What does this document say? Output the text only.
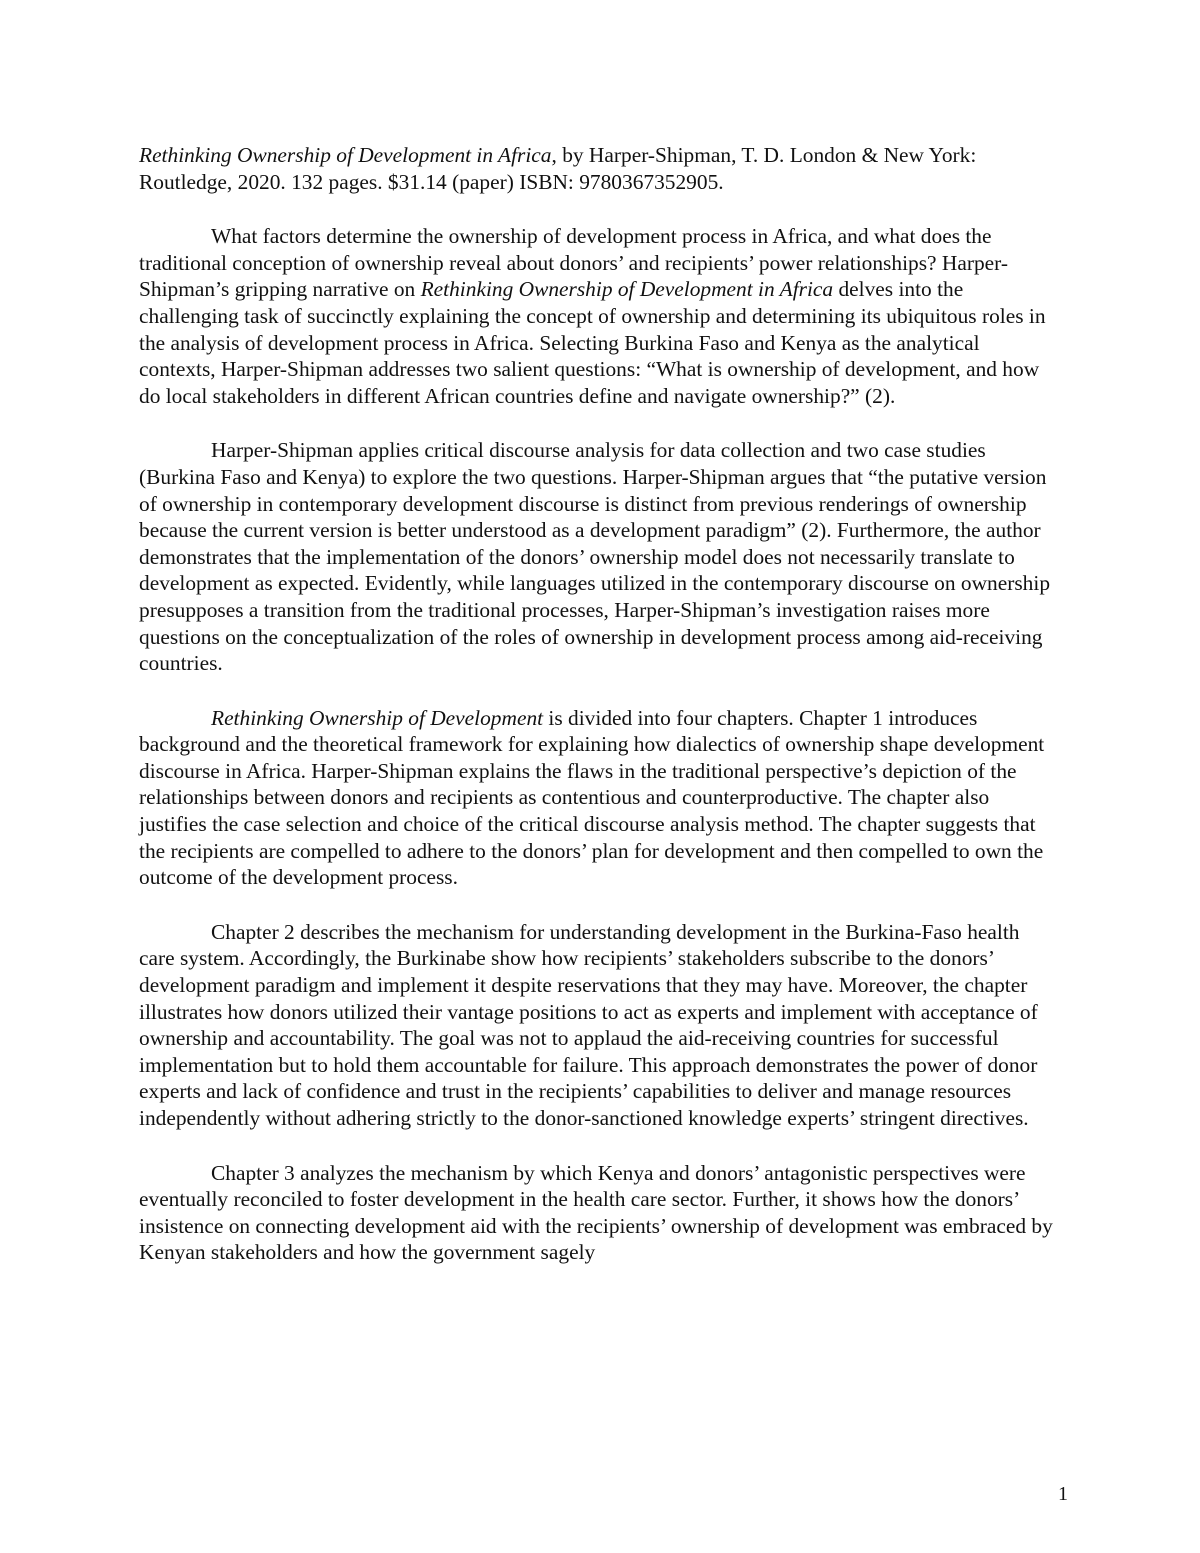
Rethinking Ownership of Development in Africa, by Harper-Shipman, T. D. London & New York: Routledge, 2020. 132 pages. $31.14 (paper) ISBN: 9780367352905.

What factors determine the ownership of development process in Africa, and what does the traditional conception of ownership reveal about donors’ and recipients’ power relationships? Harper-Shipman’s gripping narrative on Rethinking Ownership of Development in Africa delves into the challenging task of succinctly explaining the concept of ownership and determining its ubiquitous roles in the analysis of development process in Africa. Selecting Burkina Faso and Kenya as the analytical contexts, Harper-Shipman addresses two salient questions: “What is ownership of development, and how do local stakeholders in different African countries define and navigate ownership?” (2).

Harper-Shipman applies critical discourse analysis for data collection and two case studies (Burkina Faso and Kenya) to explore the two questions. Harper-Shipman argues that “the putative version of ownership in contemporary development discourse is distinct from previous renderings of ownership because the current version is better understood as a development paradigm” (2). Furthermore, the author demonstrates that the implementation of the donors’ ownership model does not necessarily translate to development as expected. Evidently, while languages utilized in the contemporary discourse on ownership presupposes a transition from the traditional processes, Harper-Shipman’s investigation raises more questions on the conceptualization of the roles of ownership in development process among aid-receiving countries.

Rethinking Ownership of Development is divided into four chapters. Chapter 1 introduces background and the theoretical framework for explaining how dialectics of ownership shape development discourse in Africa. Harper-Shipman explains the flaws in the traditional perspective’s depiction of the relationships between donors and recipients as contentious and counterproductive. The chapter also justifies the case selection and choice of the critical discourse analysis method. The chapter suggests that the recipients are compelled to adhere to the donors’ plan for development and then compelled to own the outcome of the development process.

Chapter 2 describes the mechanism for understanding development in the Burkina-Faso health care system. Accordingly, the Burkinabe show how recipients’ stakeholders subscribe to the donors’ development paradigm and implement it despite reservations that they may have. Moreover, the chapter illustrates how donors utilized their vantage positions to act as experts and implement with acceptance of ownership and accountability. The goal was not to applaud the aid-receiving countries for successful implementation but to hold them accountable for failure. This approach demonstrates the power of donor experts and lack of confidence and trust in the recipients’ capabilities to deliver and manage resources independently without adhering strictly to the donor-sanctioned knowledge experts’ stringent directives.

Chapter 3 analyzes the mechanism by which Kenya and donors’ antagonistic perspectives were eventually reconciled to foster development in the health care sector. Further, it shows how the donors’ insistence on connecting development aid with the recipients’ ownership of development was embraced by Kenyan stakeholders and how the government sagely

1
